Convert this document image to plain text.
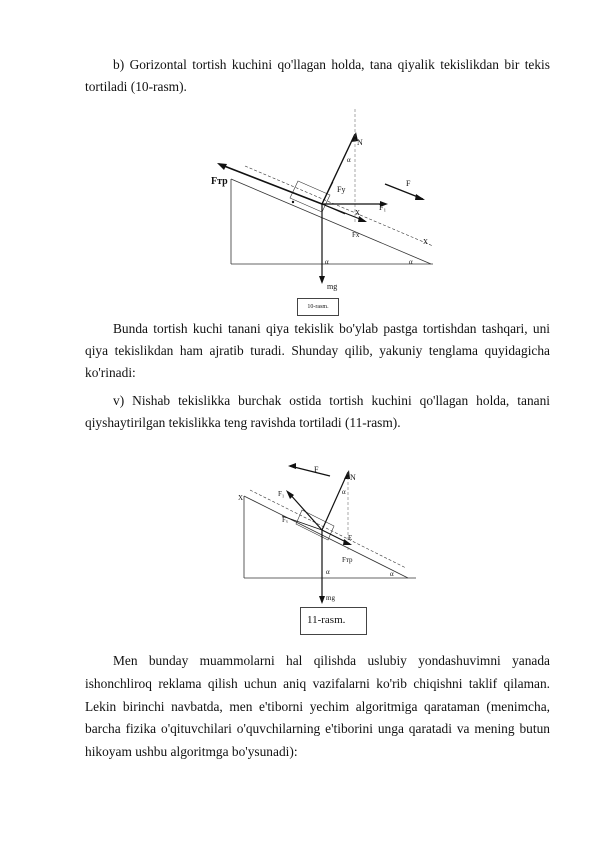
b) Gorizontal tortish kuchini qo'llagan holda, tana qiyalik tekislikdan bir tekis tortiladi (10-rasm).
Fтр
N
Fу
F₁
F
X
Fx
X
mg
α
α	α
10-rasm.
Bunda tortish kuchi tanani qiya tekislik bo'ylab pastga tortishdan tashqari, uni qiya tekislikdan ham ajratib turadi. Shunday qilib, yakuniy tenglama quyidagicha ko'rinadi:
v) Nishab tekislikka burchak ostida tortish kuchini qo'llagan holda, tanani qiyshaytirilgan tekislikka teng ravishda tortiladi (11-rasm).
F
N
X	F₁
Fₓ
E
Fтр
mg
α
α	α
11-rasm.
Men bunday muammolarni hal qilishda uslubiy yondashuvimni yanada ishonchliroq reklama qilish uchun aniq vazifalarni ko'rib chiqishni taklif qilaman. Lekin birinchi navbatda, men e'tiborni yechim algoritmiga qarataman (menimcha, barcha fizika o'qituvchilari o'quvchilarning e'tiborini unga qaratadi va mening butun hikoyam ushbu algoritmga bo'ysunadi):
